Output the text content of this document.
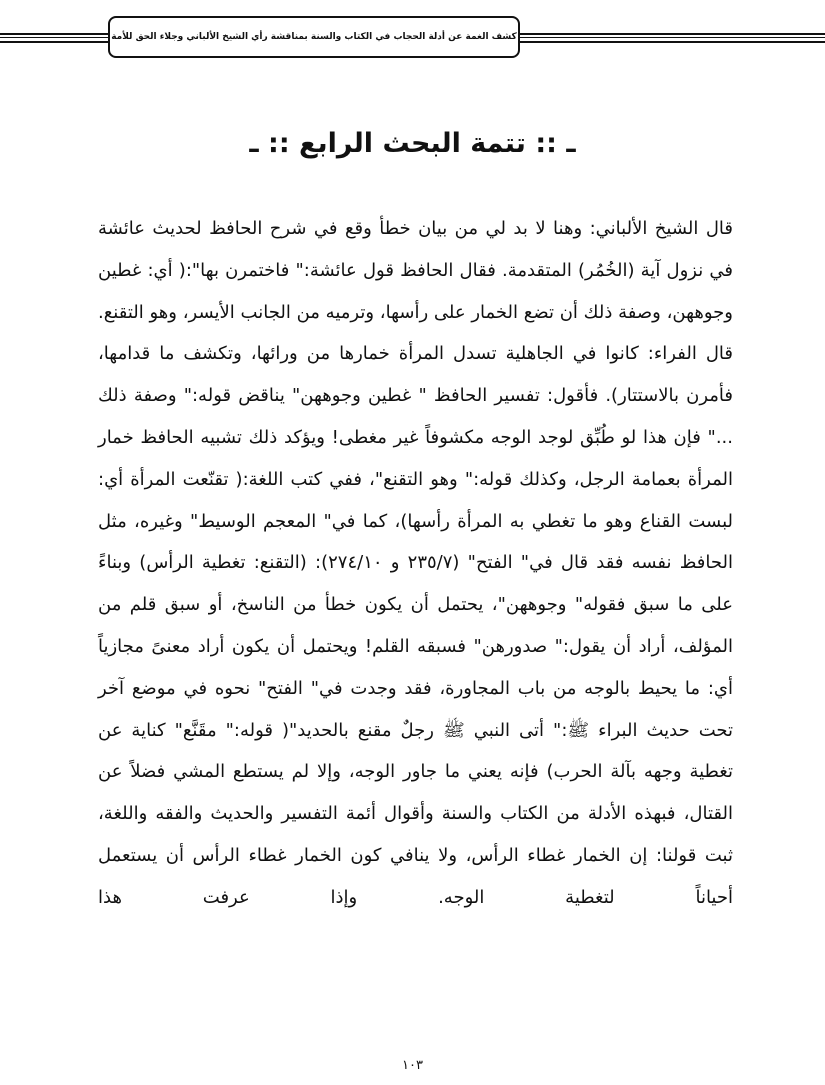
كشف الغمة عن أدلة الحجاب في الكتاب والسنة بمناقشة رأي الشيخ الألباني وجلاء الحق للأمة
ـ :: تتمة البحث الرابع :: ـ

قال الشيخ الألباني: وهنا لا بد لي من بيان خطأ وقع في شرح الحافظ لحديث عائشة في نزول آية (الخُمُر) المتقدمة. فقال الحافظ قول عائشة:" فاختمرن بها":( أي: غطين وجوههن، وصفة ذلك أن تضع الخمار على رأسها، وترميه من الجانب الأيسر، وهو التقنع. قال الفراء: كانوا في الجاهلية تسدل المرأة خمارها من ورائها، وتكشف ما قدامها، فأمرن بالاستتار). فأقول: تفسير الحافظ " غطين وجوههن" يناقض قوله:" وصفة ذلك ..." فإن هذا لو طُبِّق لوجد الوجه مكشوفاً غير مغطى! ويؤكد ذلك تشبيه الحافظ خمار المرأة بعمامة الرجل، وكذلك قوله:" وهو التقنع"، ففي كتب اللغة:( تقنّعت المرأة أي: لبست القناع وهو ما تغطي به المرأة رأسها)، كما في" المعجم الوسيط" وغيره، مثل الحافظ نفسه فقد قال في" الفتح" (٢٣٥/٧ و ٢٧٤/١٠): (التقنع: تغطية الرأس) وبناءً على ما سبق فقوله" وجوههن"، يحتمل أن يكون خطأ من الناسخ، أو سبق قلم من المؤلف، أراد أن يقول:" صدورهن" فسبقه القلم! ويحتمل أن يكون أراد معنىً مجازياً أي: ما يحيط بالوجه من باب المجاورة، فقد وجدت في" الفتح" نحوه في موضع آخر تحت حديث البراء ﷺ:" أتى النبي ﷺ رجلٌ مقنع بالحديد"( قوله:" مقَنَّع" كناية عن تغطية وجهه بآلة الحرب) فإنه يعني ما جاور الوجه، وإلا لم يستطع المشي فضلاً عن القتال، فبهذه الأدلة من الكتاب والسنة وأقوال أئمة التفسير والحديث والفقه واللغة، ثبت قولنا: إن الخمار غطاء الرأس، ولا ينافي كون الخمار غطاء الرأس أن يستعمل أحياناً لتغطية الوجه. وإذا عرفت هذا

١٠٣
